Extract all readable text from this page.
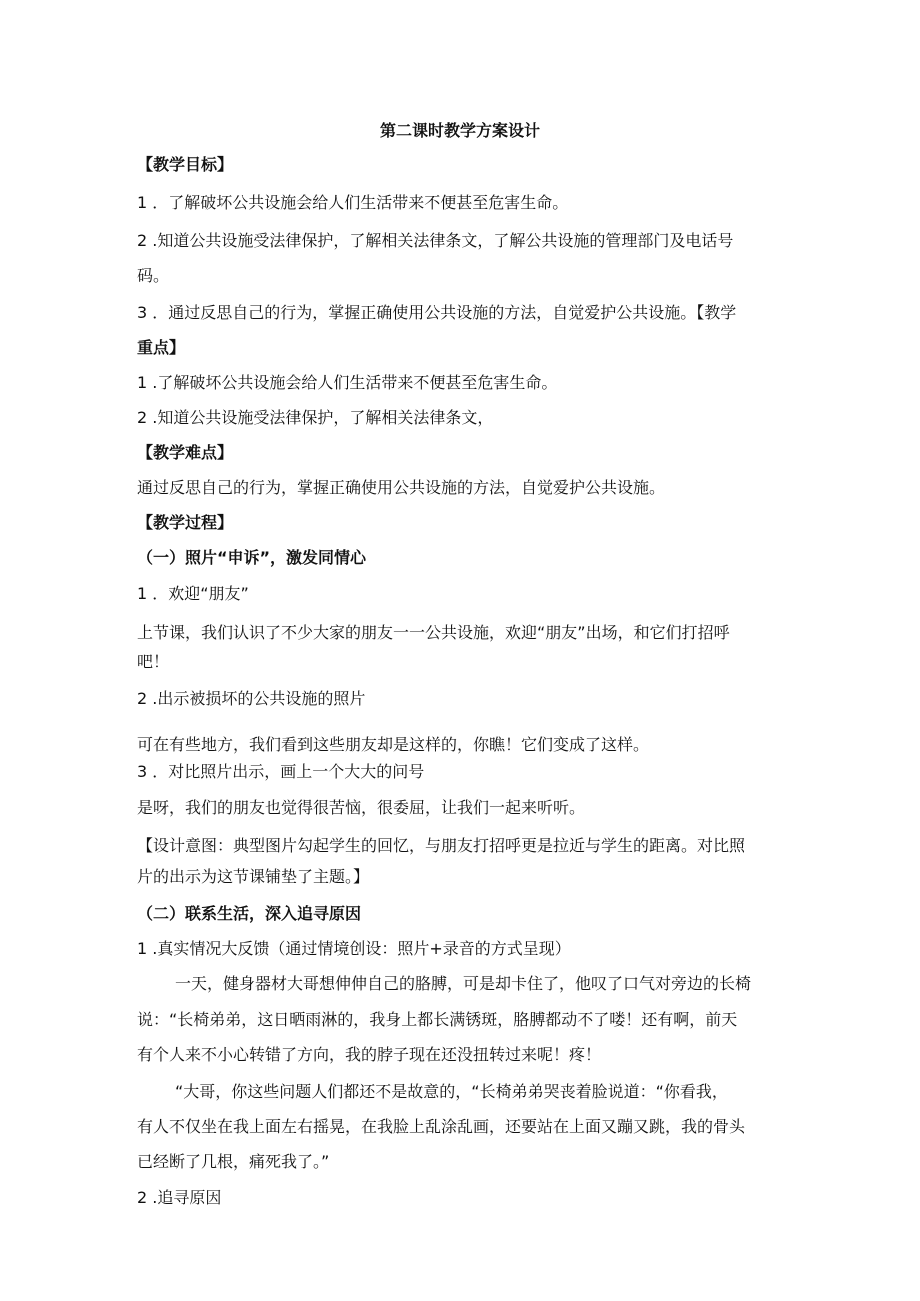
第二课时教学方案设计
【教学目标】
1 ．了解破坏公共设施会给人们生活带来不便甚至危害生命。
2 .知道公共设施受法律保护，了解相关法律条文，了解公共设施的管理部门及电话号
码。
3 ．通过反思自己的行为，掌握正确使用公共设施的方法，自觉爱护公共设施。【教学
重点】
1 .了解破坏公共设施会给人们生活带来不便甚至危害生命。
2 .知道公共设施受法律保护，了解相关法律条文，
【教学难点】
通过反思自己的行为，掌握正确使用公共设施的方法，自觉爱护公共设施。
【教学过程】
（一）照片“申诉”，激发同情心
1 ．欢迎“朋友”
上节课，我们认识了不少大家的朋友一一公共设施，欢迎“朋友”出场，和它们打招呼
吧！
2 .出示被损坏的公共设施的照片
可在有些地方，我们看到这些朋友却是这样的，你瞧！它们变成了这样。
3 ．对比照片出示，画上一个大大的问号
是呀，我们的朋友也觉得很苦恼，很委屈，让我们一起来听听。
【设计意图：典型图片勾起学生的回忆，与朋友打招呼更是拉近与学生的距离。对比照
片的出示为这节课铺垫了主题。】
（二）联系生活，深入追寻原因
1 .真实情况大反馈（通过情境创设：照片+录音的方式呈现）
一天，健身器材大哥想伸伸自己的胳膊，可是却卡住了，他叹了口气对旁边的长椅
说：“长椅弟弟，这日晒雨淋的，我身上都长满锈斑，胳膊都动不了喽！还有啊，前天
有个人来不小心转错了方向，我的脖子现在还没扭转过来呢！疼！
“大哥，你这些问题人们都还不是故意的，“长椅弟弟哭丧着脸说道：“你看我，
有人不仅坐在我上面左右摇晃，在我脸上乱涂乱画，还要站在上面又蹦又跳，我的骨头
已经断了几根，痛死我了。”
2 .追寻原因
